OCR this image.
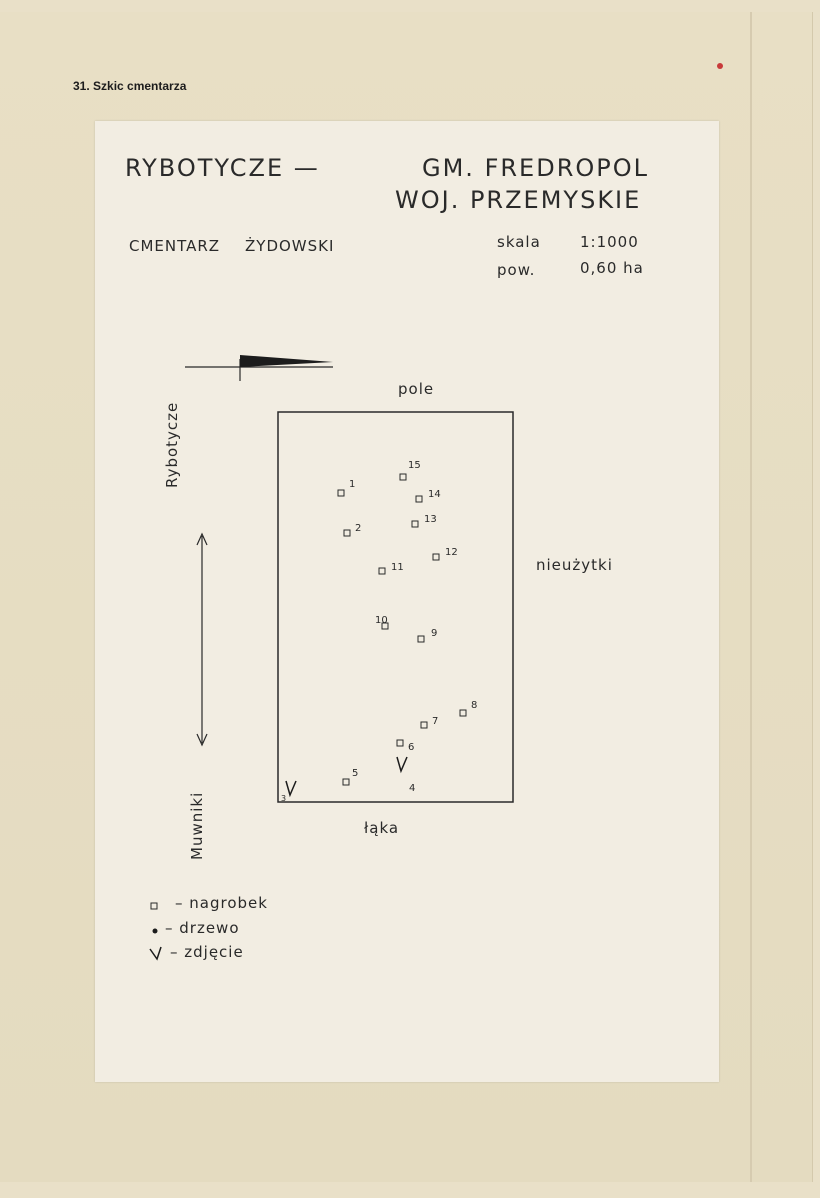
31. Szkic cmentarza
RYBOTYCZE —	GM. FREDROPOL
WOJ. PRZEMYSKIE
CMENTARZ ŻYDOWSKI	skala	1:1000
pow.	0,60 ha
1
2
3
4
5
6
7
8
9
10
11
12
13
14
15
pole
nieużytki
łąka
Rybotycze
Muwniki
– nagrobek
– drzewo
– zdjęcie
